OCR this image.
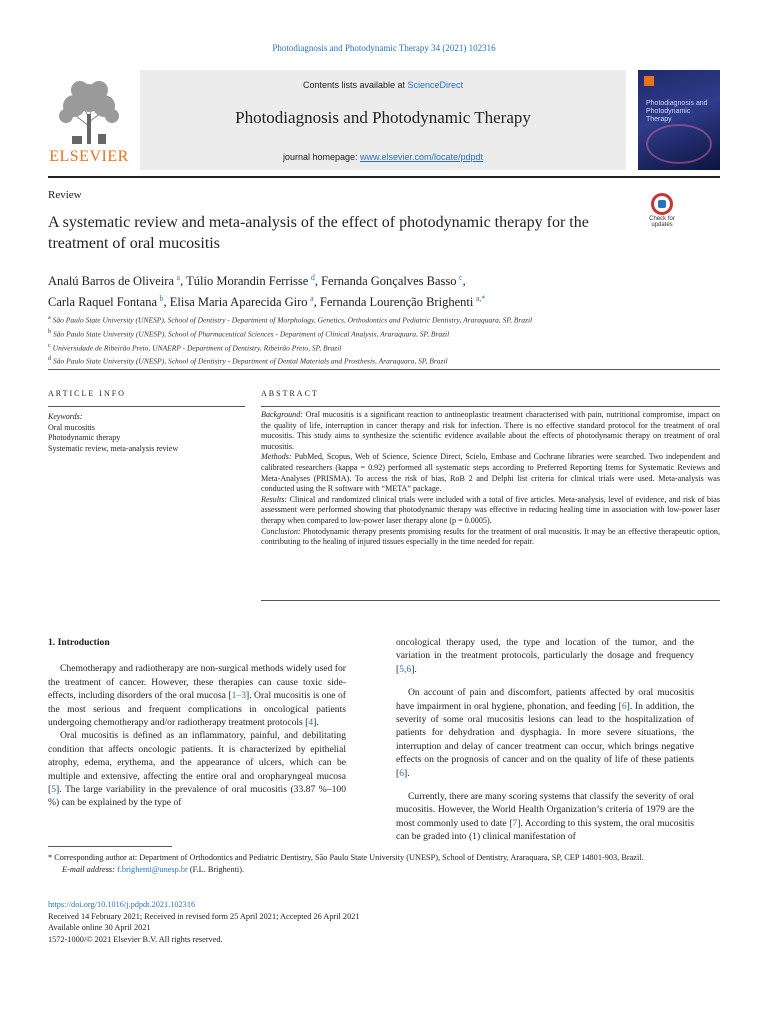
Photodiagnosis and Photodynamic Therapy 34 (2021) 102316
ELSEVIER
Contents lists available at ScienceDirect
Photodiagnosis and Photodynamic Therapy
journal homepage: www.elsevier.com/locate/pdpdt
Photodiagnosis and Photodynamic Therapy
Review
Check for updates
A systematic review and meta-analysis of the effect of photodynamic therapy for the treatment of oral mucositis
Analú Barros de Oliveira  $^a$, Túlio Morandin Ferrisse  $^d$, Fernanda Gonçalves Basso  $^c$,
Carla Raquel Fontana  $^b$, Elisa Maria Aparecida Giro  $^a$, Fernanda Lourenção Brighenti  $^{a,*}$
$^a$ São Paulo State University (UNESP), School of Dentistry - Department of Morphology, Genetics, Orthodontics and Pediatric Dentistry, Araraquara, SP, Brazil
$^b$ São Paulo State University (UNESP), School of Pharmaceutical Sciences - Department of Clinical Analysis, Araraquara, SP, Brazil
$^c$ Universidade de Ribeirão Preto, UNAERP - Department of Dentistry, Ribeirão Preto, SP, Brazil
$^d$ São Paulo State University (UNESP), School of Dentistry - Department of Dental Materials and Prosthesis, Araraquara, SP, Brazil
ARTICLE INFO	ABSTRACT
Keywords:
Oral mucositis
Photodynamic therapy
Systematic review, meta-analysis review

Background: Oral mucositis is a significant reaction to antineoplastic treatment characterised with pain, nutritional compromise, impact on the quality of life, interruption in cancer therapy and risk for infection. There is no effective standard protocol for the treatment of oral mucositis. This study aims to synthesize the scientific evidence available about the effects of photodynamic therapy on treatment of oral mucositis.

Methods: PubMed, Scopus, Web of Science, Science Direct, Scielo, Embase and Cochrane libraries were searched. Two independent and calibrated researchers (kappa = 0.92) performed all systematic steps according to Preferred Reporting Items for Systematic Reviews and Meta-Analyses (PRISMA). To access the risk of bias, RoB 2 and Delphi list criteria for clinical trials were used. Meta-analysis was conducted using the R software with “META” package.

Results: Clinical and randomized clinical trials were included with a total of five articles. Meta-analysis, level of evidence, and risk of bias assessment were performed showing that photodynamic therapy was effective in reducing healing time in association with low-power laser therapy when compared to low-power laser therapy alone (p = 0.0005).

Conclusion: Photodynamic therapy presents promising results for the treatment of oral mucositis. It may be an effective therapeutic option, contributing to the healing of injured tissues especially in the time needed for repair.

1. Introduction

Chemotherapy and radiotherapy are non-surgical methods widely used for the treatment of cancer. However, these therapies can cause toxic side-effects, including disorders of the oral mucosa [1–3]. Oral mucositis is one of the most serious and frequent complications in oncological patients undergoing chemotherapy and/or radiotherapy treatment protocols [4].

Oral mucositis is defined as an inflammatory, painful, and debilitating condition that affects oncologic patients. It is characterized by epithelial atrophy, edema, erythema, and the appearance of ulcers, which can be multiple and extensive, affecting the entire oral and oropharyngeal mucosa [5]. The large variability in the prevalence of oral mucositis (33.87 %–100 %) can be explained by the type of

oncological therapy used, the type and location of the tumor, and the variation in the treatment protocols, particularly the dosage and frequency [5,6].

On account of pain and discomfort, patients affected by oral mucositis have impairment in oral hygiene, phonation, and feeding [6]. In addition, the severity of some oral mucositis lesions can lead to the hospitalization of patients for dehydration and dysphagia. In more severe situations, the interruption and delay of cancer treatment can occur, which brings negative effects on the prognosis of cancer and on the quality of life of these patients [6].

Currently, there are many scoring systems that classify the severity of oral mucositis. However, the World Health Organization’s criteria of 1979 are the most commonly used to date [7]. According to this system, the oral mucositis can be graded into (1) clinical manifestation of

* Corresponding author at: Department of Orthodontics and Pediatric Dentistry, São Paulo State University (UNESP), School of Dentistry, Araraquara, SP, CEP 14801-903, Brazil.
E-mail address: f.brighenti@unesp.br (F.L. Brighenti).
https://doi.org/10.1016/j.pdpdt.2021.102316
Received 14 February 2021; Received in revised form 25 April 2021; Accepted 26 April 2021
Available online 30 April 2021
1572-1000/© 2021 Elsevier B.V. All rights reserved.
